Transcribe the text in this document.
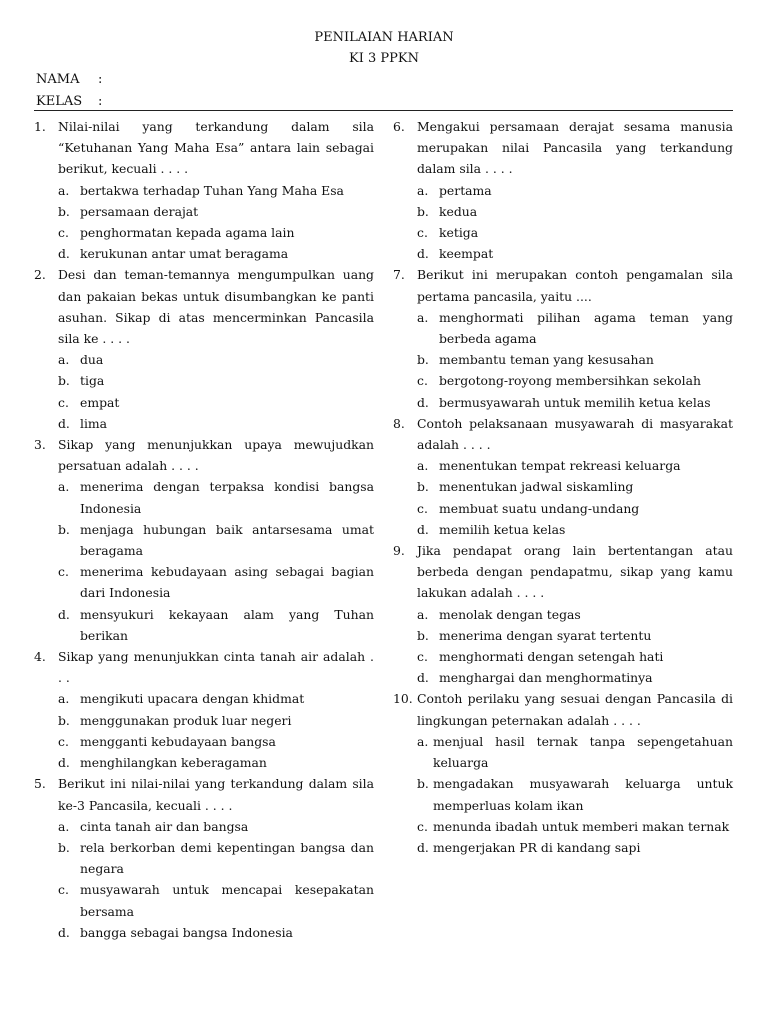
PENILAIAN HARIAN
KI 3 PPKN
NAMA :
KELAS :
1. Nilai-nilai yang terkandung dalam sila “Ketuhanan Yang Maha Esa” antara lain sebagai berikut, kecuali . . . .
a. bertakwa terhadap Tuhan Yang Maha Esa
b. persamaan derajat
c. penghormatan kepada agama lain
d. kerukunan antar umat beragama
2. Desi dan teman-temannya mengumpulkan uang dan pakaian bekas untuk disumbangkan ke panti asuhan. Sikap di atas mencerminkan Pancasila sila ke . . . .
a. dua
b. tiga
c. empat
d. lima
3. Sikap yang menunjukkan upaya mewujudkan persatuan adalah . . . .
a. menerima dengan terpaksa kondisi bangsa Indonesia
b. menjaga hubungan baik antarsesama umat beragama
c. menerima kebudayaan asing sebagai bagian dari Indonesia
d. mensyukuri kekayaan alam yang Tuhan berikan
4. Sikap yang menunjukkan cinta tanah air adalah . . .
a. mengikuti upacara dengan khidmat
b. menggunakan produk luar negeri
c. mengganti kebudayaan bangsa
d. menghilangkan keberagaman
5. Berikut ini nilai-nilai yang terkandung dalam sila ke-3 Pancasila, kecuali . . . .
a. cinta tanah air dan bangsa
b. rela berkorban demi kepentingan bangsa dan negara
c. musyawarah untuk mencapai kesepakatan bersama
d. bangga sebagai bangsa Indonesia
6. Mengakui persamaan derajat sesama manusia merupakan nilai Pancasila yang terkandung dalam sila . . . .
a. pertama
b. kedua
c. ketiga
d. keempat
7. Berikut ini merupakan contoh pengamalan sila pertama pancasila, yaitu ....
a. menghormati pilihan agama teman yang berbeda agama
b. membantu teman yang kesusahan
c. bergotong-royong membersihkan sekolah
d. bermusyawarah untuk memilih ketua kelas
8. Contoh pelaksanaan musyawarah di masyarakat adalah . . . .
a. menentukan tempat rekreasi keluarga
b. menentukan jadwal siskamling
c. membuat suatu undang-undang
d. memilih ketua kelas
9. Jika pendapat orang lain bertentangan atau berbeda dengan pendapatmu, sikap yang kamu lakukan adalah . . . .
a. menolak dengan tegas
b. menerima dengan syarat tertentu
c. menghormati dengan setengah hati
d. menghargai dan menghormatinya
10. Contoh perilaku yang sesuai dengan Pancasila di lingkungan peternakan adalah . . . .
a. menjual hasil ternak tanpa sepengetahuan keluarga
b. mengadakan musyawarah keluarga untuk memperluas kolam ikan
c. menunda ibadah untuk memberi makan ternak
d. mengerjakan PR di kandang sapi
